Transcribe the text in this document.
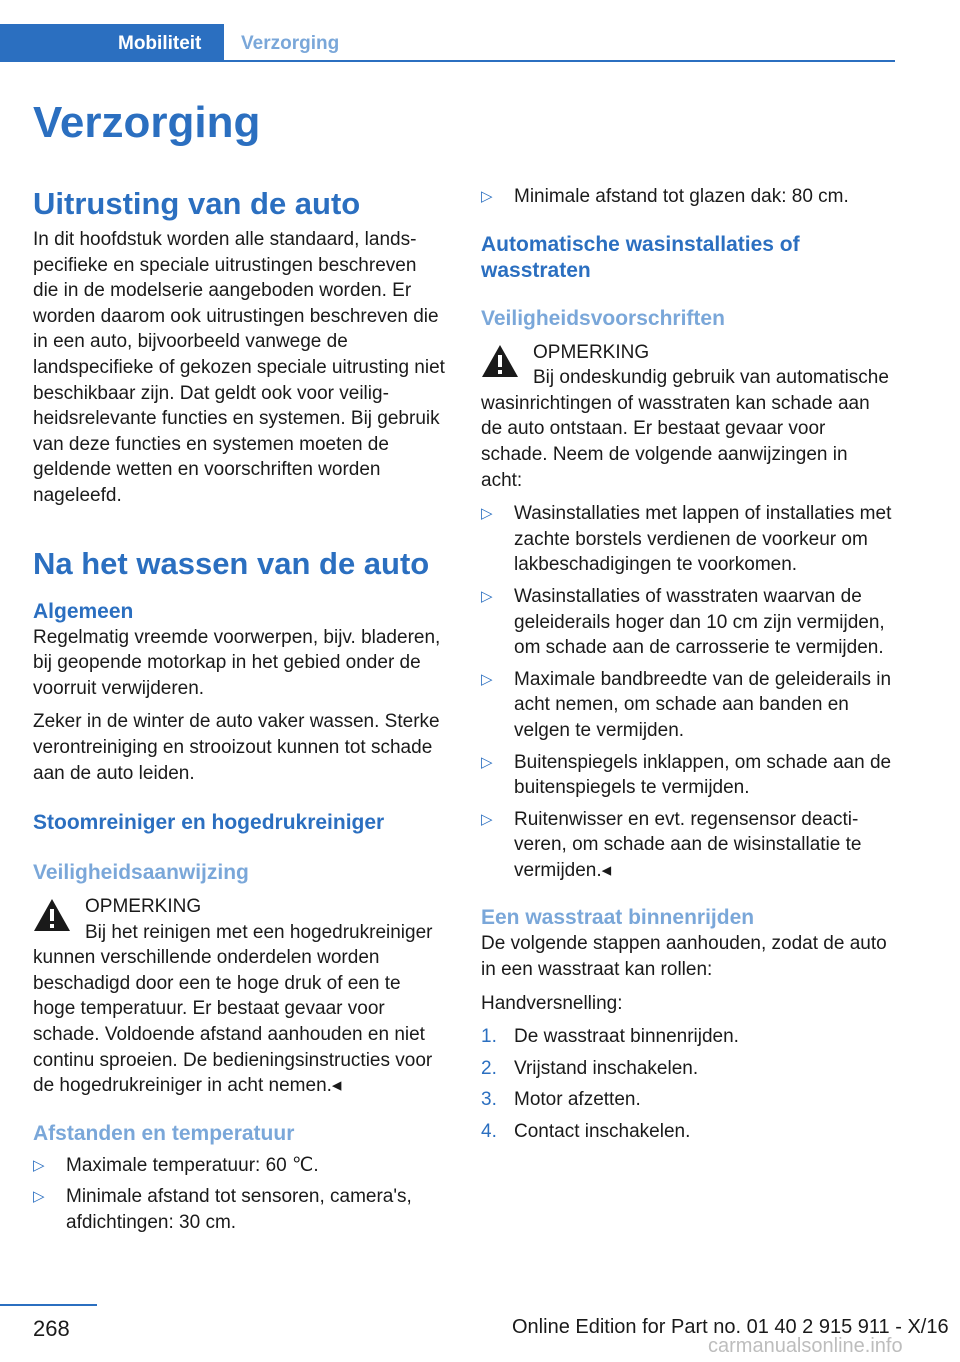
Mobiliteit Verzorging
Verzorging
Uitrusting van de auto

In dit hoofdstuk worden alle standaard, landspecifieke en speciale uitrustingen beschreven die in de modelserie aangeboden worden. Er worden daarom ook uitrustingen beschreven die in een auto, bijvoorbeeld vanwege de landspecifieke of gekozen speciale uitrusting niet beschikbaar zijn. Dat geldt ook voor veiligheidsrelevante functies en systemen. Bij gebruik van deze functies en systemen moeten de geldende wetten en voorschriften worden nageleefd.

Na het wassen van de auto
Algemeen

Regelmatig vreemde voorwerpen, bijv. bladeren, bij geopende motorkap in het gebied onder de voorruit verwijderen.

Zeker in de winter de auto vaker wassen. Sterke verontreiniging en strooizout kunnen tot schade aan de auto leiden.

Stoomreiniger en hogedrukreiniger
Veiligheidsaanwijzing
OPMERKING
Bij het reinigen met een hogedrukreiniger kunnen verschillende onderdelen worden beschadigd door een te hoge druk of een te hoge temperatuur. Er bestaat gevaar voor schade. Voldoende afstand aanhouden en niet continu sproeien. De bedieningsinstructies voor de hogedrukreiniger in acht nemen.◂
Afstanden en temperatuur
▷ Maximale temperatuur: 60 ℃.
▷ Minimale afstand tot sensoren, camera's, afdichtingen: 30 cm.
▷ Minimale afstand tot glazen dak: 80 cm.
Automatische wasinstallaties of wasstraten
Veiligheidsvoorschriften
OPMERKING
Bij ondeskundig gebruik van automatische wasinrichtingen of wasstraten kan schade aan de auto ontstaan. Er bestaat gevaar voor schade. Neem de volgende aanwijzingen in acht:
▷ Wasinstallaties met lappen of installaties met zachte borstels verdienen de voorkeur om lakbeschadigingen te voorkomen.
▷ Wasinstallaties of wasstraten waarvan de geleiderails hoger dan 10 cm zijn vermijden, om schade aan de carrosserie te vermijden.
▷ Maximale bandbreedte van de geleiderails in acht nemen, om schade aan banden en velgen te vermijden.
▷ Buitenspiegels inklappen, om schade aan de buitenspiegels te vermijden.
▷ Ruitenwisser en evt. regensensor deactiveren, om schade aan de wisinstallatie te vermijden.◂
Een wasstraat binnenrijden

De volgende stappen aanhouden, zodat de auto in een wasstraat kan rollen:

Handversnelling:

1. De wasstraat binnenrijden.
2. Vrijstand inschakelen.
3. Motor afzetten.
4. Contact inschakelen.
268	Online Edition for Part no. 01 40 2 915 911 - X/16
carmanualsonline.info
